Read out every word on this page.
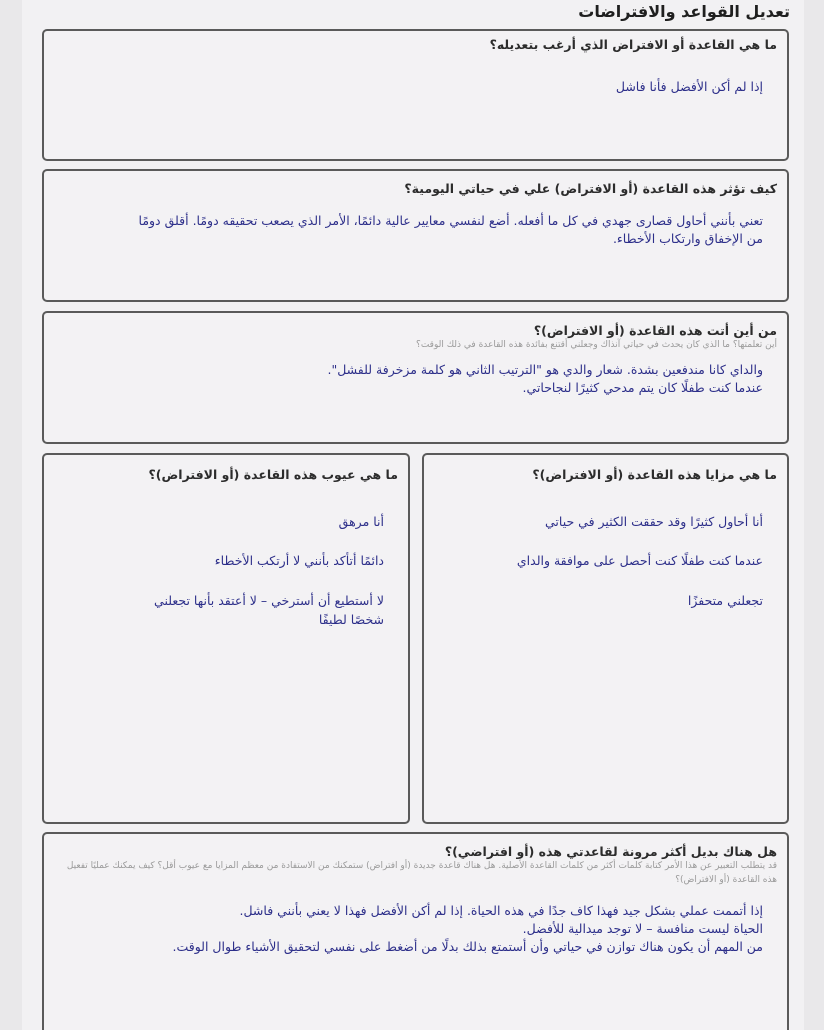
تعديل القواعد والافتراضات
ما هي القاعدة أو الافتراض الذي أرغب بتعديله؟
إذا لم أكن الأفضل فأنا فاشل
كيف تؤثر هذه القاعدة (أو الافتراض) علي في حياتي اليومية؟
تعني بأنني أحاول قصارى جهدي في كل ما أفعله. أضع لنفسي معايير عالية دائمًا، الأمر الذي يصعب تحقيقه دومًا. أقلق دومًا
من الإخفاق وارتكاب الأخطاء.
من أين أتت هذه القاعدة (أو الافتراض)؟
أين تعلمتها؟ ما الذي كان يحدث في حياتي آنذاك وجعلني أقتنع بفائدة هذه القاعدة في ذلك الوقت؟
والداي كانا مندفعين بشدة. شعار والدي هو "الترتيب الثاني هو كلمة مزخرفة للفشل".
عندما كنت طفلًا كان يتم مدحي كثيرًا لنجاحاتي.
ما هي مزايا هذه القاعدة (أو الافتراض)؟
أنا أحاول كثيرًا وقد حققت الكثير في حياتي
عندما كنت طفلًا كنت أحصل على موافقة والداي
تجعلني متحفزًا
ما هي عيوب هذه القاعدة (أو الافتراض)؟
أنا مرهق
دائمًا أتأكد بأنني لا أرتكب الأخطاء
لا أستطيع أن أسترخي – لا أعتقد بأنها تجعلني شخصًا لطيفًا
هل هناك بديل أكثر مرونة لقاعدتي هذه (أو افتراضي)؟
قد يتطلب التعبير عن هذا الأمر كتابة كلمات أكثر من كلمات القاعدة الأصلية. هل هناك قاعدة جديدة (أو افتراض) ستمكنك من الاستفادة من معظم المزايا مع عيوب أقل؟ كيف يمكنك عمليًا تفعيل هذه القاعدة (أو الافتراض)؟
إذا أتممت عملي بشكل جيد فهذا كاف جدًا في هذه الحياة. إذا لم أكن الأفضل فهذا لا يعني بأنني فاشل.
الحياة ليست منافسة – لا توجد ميدالية للأفضل.
من المهم أن يكون هناك توازن في حياتي وأن أستمتع بذلك بدلًا من أضغط على نفسي لتحقيق الأشياء طوال الوقت.
